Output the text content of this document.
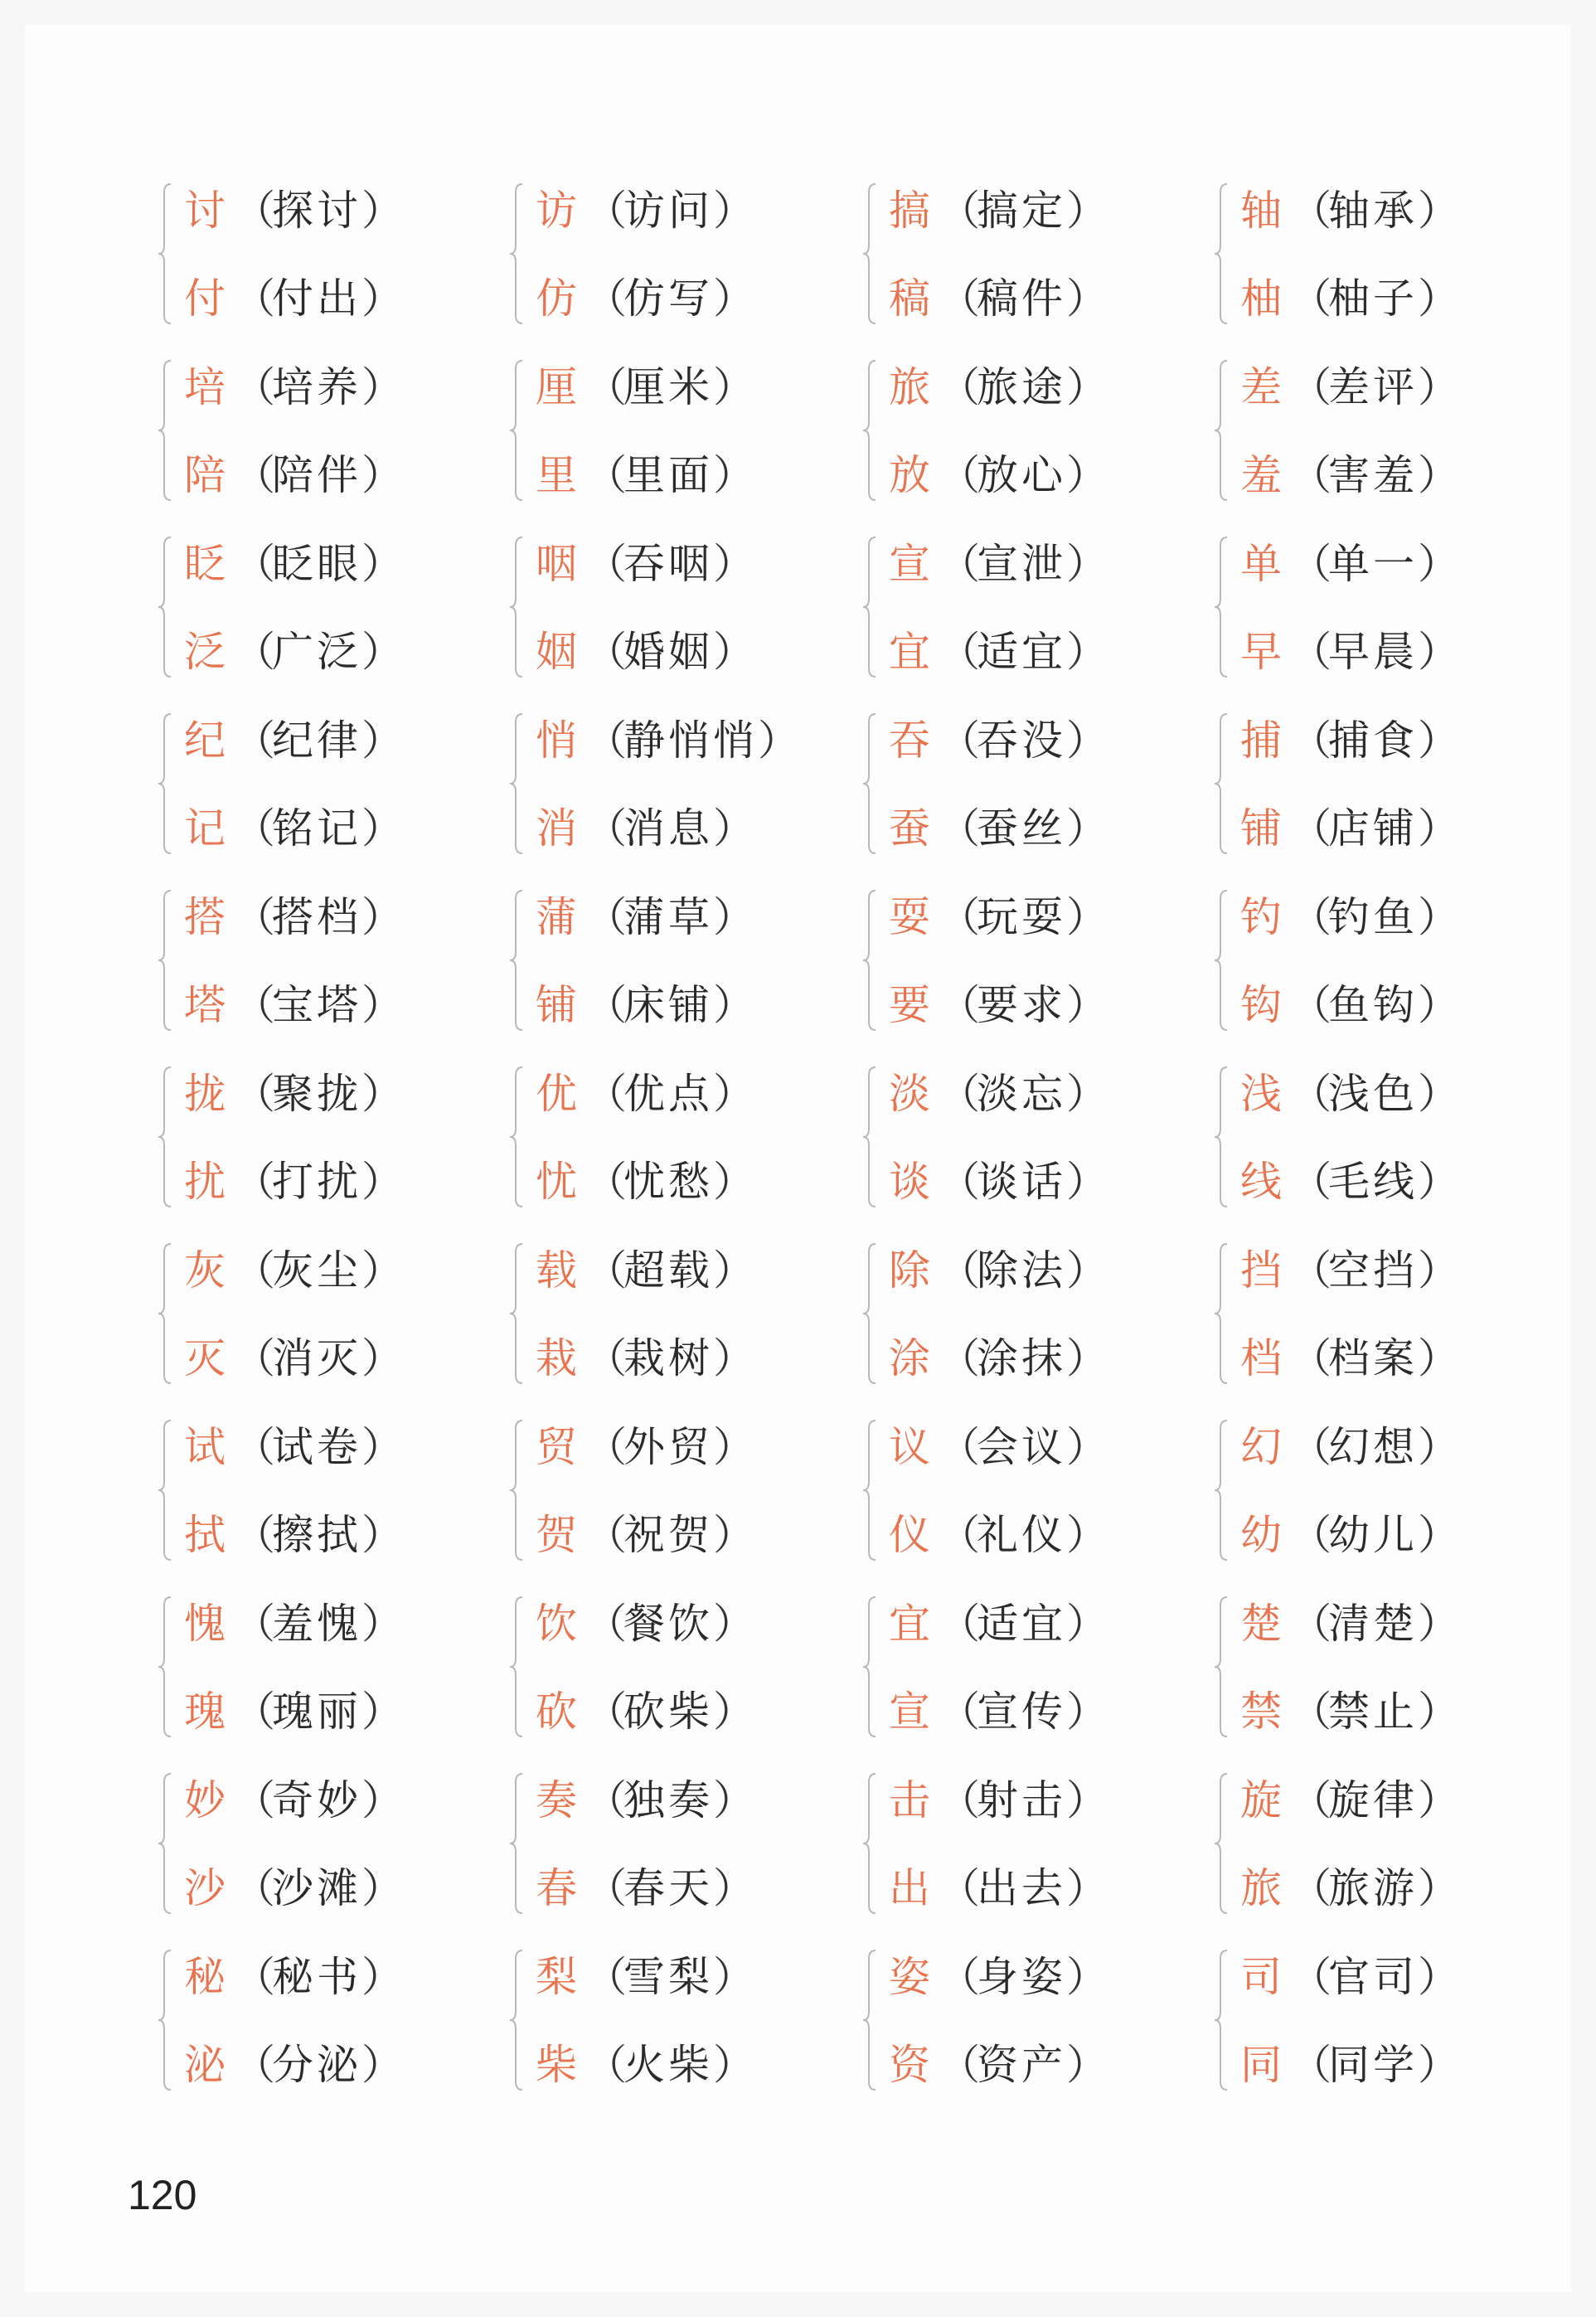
讨 （探讨）
付 （付出）
培 （培养）
陪 （陪伴）
眨 （眨眼）
泛 （广泛）
纪 （纪律）
记 （铭记）
搭 （搭档）
塔 （宝塔）
拢 （聚拢）
扰 （打扰）
灰 （灰尘）
灭 （消灭）
试 （试卷）
拭 （擦拭）
愧 （羞愧）
瑰 （瑰丽）
妙 （奇妙）
沙 （沙滩）
秘 （秘书）
泌 （分泌）
访 （访问）
仿 （仿写）
厘 （厘米）
里 （里面）
咽 （吞咽）
姻 （婚姻）
悄 （静悄悄）
消 （消息）
蒲 （蒲草）
铺 （床铺）
优 （优点）
忧 （忧愁）
载 （超载）
栽 （栽树）
贸 （外贸）
贺 （祝贺）
饮 （餐饮）
砍 （砍柴）
奏 （独奏）
春 （春天）
梨 （雪梨）
柴 （火柴）
搞 （搞定）
稿 （稿件）
旅 （旅途）
放 （放心）
宣 （宣泄）
宜 （适宜）
吞 （吞没）
蚕 （蚕丝）
耍 （玩耍）
要 （要求）
淡 （淡忘）
谈 （谈话）
除 （除法）
涂 （涂抹）
议 （会议）
仪 （礼仪）
宜 （适宜）
宣 （宣传）
击 （射击）
出 （出去）
姿 （身姿）
资 （资产）
轴 （轴承）
柚 （柚子）
差 （差评）
羞 （害羞）
单 （单一）
早 （早晨）
捕 （捕食）
铺 （店铺）
钓 （钓鱼）
钩 （鱼钩）
浅 （浅色）
线 （毛线）
挡 （空挡）
档 （档案）
幻 （幻想）
幼 （幼儿）
楚 （清楚）
禁 （禁止）
旋 （旋律）
旅 （旅游）
司 （官司）
同 （同学）
120
